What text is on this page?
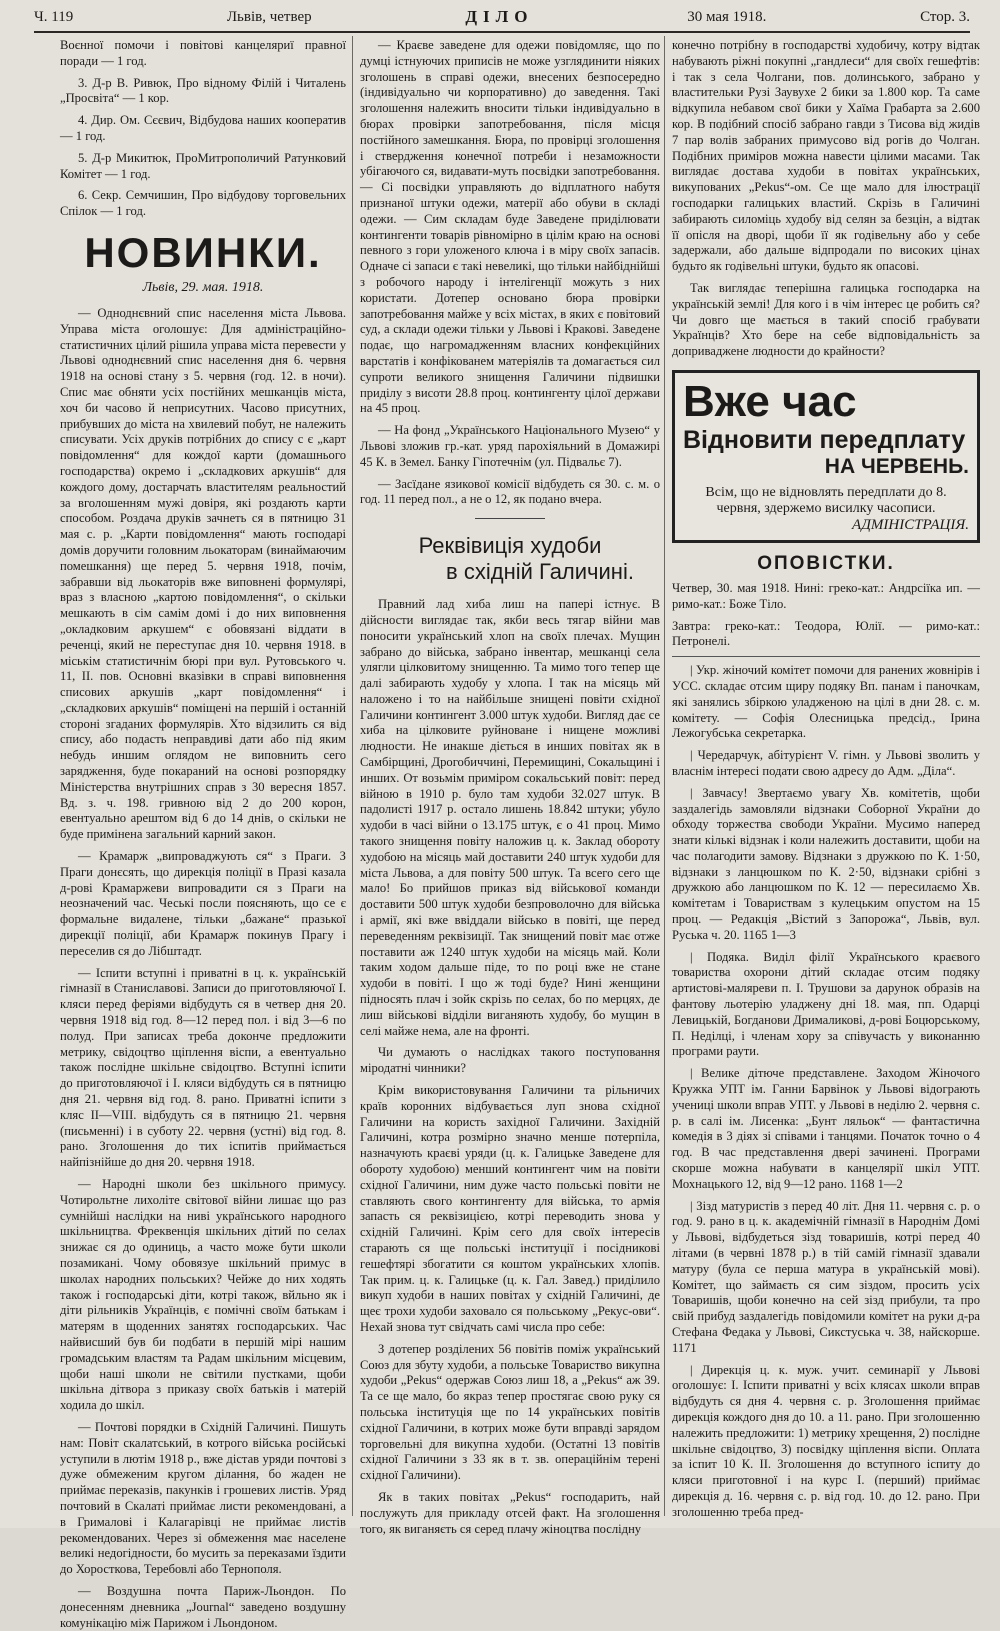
Ч. 119	Львів, четвер	ДІЛО	30 мая 1918.	Стор. 3.

Воєнної помочи і повітові канцеляриї правної поради — 1 год.

3. Д-р В. Ривюк, Про відному Філій і Читалень „Просвіта“ — 1 кор.

4. Дир. Ом. Сєєвич, Відбудова наших кооператив — 1 год.

5. Д-р Микитюк, ПроМитрополичий Ратунковий Комітет — 1 год.

6. Секр. Семчишин, Про відбудову торговельних Спілок — 1 год.

НОВИНКИ.
Львів, 29. мая. 1918.

— Одноднєвний спис населення міста Львова. Управа міста оголошує: Для адміністраційно-статистичних цілий рішила управа міста перевести у Львові одноднєвний спис населення дня 6. червня 1918 на основі стану з 5. червня (год. 12. в ночи). Спис має обняти усіх постійних мешканців міста, хоч би часово й неприсутних. Часово присутних, прибувших до міста на хвилевий побут, не належить списувати. Усіх друків потрібних до спису с є „карт повідомлення“ для кождої карти (домашнього господарства) окремо і „складкових аркушів“ для кождого дому, достарчать властителям реальностий за вголошенням мужі довіря, які роздають карти способом. Роздача друків зачнеть ся в пятницю 31 мая с. р. „Карти повідомлення“ мають господарі домів доручити головним льокаторам (винаймаючим помешкання) ще перед 5. червня 1918, почім, забравши від льокаторів вже виповнені формулярі, враз з власною „картою повідомлення“, о скільки мешкають в сім самім домі і до них виповнення „окладковим аркушем“ є обовязані віддати в реченці, який не переступає дня 10. червня 1918. в міськім статистичнім бюрі при вул. Рутовського ч. 11, II. пов. Основні вказівки в справі виповнення списових аркушів „карт повідомлення“ і „складкових аркушів“ поміщені на першій і останній стороні згаданих формулярів. Хто відзилить ся від спису, або подасть неправдиві дати або під яким небудь иншим оглядом не виповнить сего зарядження, буде покараний на основі розпорядку Міністерства внутрішних справ з 30 вересня 1857. Вд. з. ч. 198. гривною від 2 до 200 корон, евентуально арештом від 6 до 14 днів, о скільки не буде примінена загальний карний закон.

— Крамарж „випроваджують ся“ з Праги. З Праги донєсять, що дирекція поліції в Празі казала д-рові Крамаржеви випровадити ся з Праги на неозначений час. Чеські посли поясняють, що се є формальне видалене, тільки „бажане“ празької дирекції поліції, аби Крамарж покинув Прагу і переселив ся до Лібштадт.

— Іспити вступні і приватні в ц. к. українській гімназії в Станиславові. Записи до приготовляючої І. кляси перед феріями відбудуть ся в четвер дня 20. червня 1918 від год. 8—12 перед пол. і від 3—6 по полуд. При записах треба доконче предложити метрику, свідоцтво щіплення віспи, а евентуально також послідне шкільне свідоцтво. Вступні іспити до приготовляючої і І. кляси відбудуть ся в пятницю дня 21. червня від год. 8. рано. Приватні іспити з кляс II—VIII. відбудуть ся в пятницю 21. червня (письменні) і в суботу 22. червня (устні) від год. 8. рано. Зголошення до тих іспитів приймається найпізнійше до дня 20. червня 1918.

— Народні школи без шкільного примусу. Чотирольтне лихоліте світової війни лишає що раз сумнійші наслідки на ниві українського народного шкільництва. Фреквенція шкільних дітий по селах знижає ся до одиниць, а часто може бути школи позамикані. Чому обовязуе шкільний примус в школах народних польських? Чейже до них ходять також і господарські діти, котрі також, вйльно як і діти рільників Українців, є помічні своїм батькам і матерям в щоденних занятях господарських. Час найвисший був би подбати в першій мірі нашим громадським властям та Радам шкільним місцевим, щоби наші школи не світили пустками, щоби шкільна дітвора з приказу своїх батьків і матерій ходила до шкіл.

— Почтові порядки в Східній Галичині. Пишуть нам: Повіт скалатський, в котрого війська російські уступили в лютім 1918 р., вже дістав уряди почтові з дуже обмеженим кругом ділання, бо жаден не приймає переказів, пакунків і грошевих листів. Уряд почтовий в Скалаті приймає листи рекомендовані, а в Грималові і Калагарівці не приймає листів рекомендованих. Через зі обмеження має населене великі недогідности, бо мусить за переказами їздити до Хоросткова, Теребовлі або Тернополя.

— Воздушна почта Париж-Льондон. По донесенням дневника „Journal“ заведено воздушну комунікацію між Парижом і Льондоном.

— Краєве заведене для одежи повідомляє, що по думці істнуючих приписів не може узглядинити ніяких зголошень в справі одежи, внесених безпосередно (індивідуально чи корпоративно) до заведення. Такі зголошення належить вносити тільки індивідуально в бюрах провірки запотребовання, після місця постійного замешкання. Бюра, по провірці зголошення і ствердження конечної потреби і незаможности убігаючого ся, видавати-муть посвідки запотребовання. — Сі посвідки управляють до відплатного набутя признаної штуки одежи, матерії або обуви в складі одежи. — Сим складам буде Заведене приділювати контингенти товарів рівномірно в цілім краю на основі певного з гори уложеного ключа і в міру своїх запасів. Одначе сі запаси є такі невеликі, що тільки найбіднійші з робочого народу і інтелігенції можуть з них користати. Дотепер основано бюра провірки запотребовання майже у всіх містах, в яких є повітовий суд, а склади одежи тільки у Львові і Кракові. Заведене подає, що нагромадженням власних конфекційних варстатів і конфікованем матеріялів та домагається сил супроти великого знищення Галичини підвишки приділу з висоти 28.8 проц. контингенту цілої держави на 45 проц.

— На фонд „Українського Національного Музею“ у Львові зложив гр.-кат. уряд парохіяльний в Домажирі 45 К. в Земел. Банку Гіпотечнім (ул. Підвальє 7).

— Засїдане язикової комісії відбудеть ся 30. с. м. о год. 11 перед пол., а не о 12, як подано вчера.

Реквівиція худоби
в східній Галичині.

Правний лад хиба лиш на папері істнує. В дійсности виглядає так, якби весь тягар війни мав поносити український хлоп на своїх плечах. Мущин забрано до війська, забрано інвентар, мешканці села улягли цілковитому знищенню. Та мимо того тепер ще далі забирають худобу у хлопа. І так на місяць мй наложено і то на найбільше знищені повіти східної Галичини контингент 3.000 штук худоби. Вигляд дає се хиба на цілковите руйноване і нищене можливі людности. Не инакше діється в инших повітах як в Самбірщині, Дрогобиччині, Перемищині, Сокальщині і инших. От возьмім приміром сокальський повіт: перед війною в 1910 р. було там худоби 32.027 штук. В падолисті 1917 р. остало лишень 18.842 штуки; убуло худоби в часі війни о 13.175 штук, є о 41 проц. Мимо такого знищення повіту наложив ц. к. Заклад обороту худобою на місяць май доставити 240 штук худоби для міста Львова, а для повіту 500 штук. Та всего сего ще мало! Бо прийшов приказ від військової команди доставити 500 штук худоби безпроволочно для війська і армії, які вже ввіддали військо в повіті, ще перед переведенням реквізиції. Так знищений повіт має отже поставити аж 1240 штук худоби на місяць май. Коли таким ходом дальше піде, то по році вже не стане худоби в повіті. І що ж тоді буде? Нині женщини підносять плач і зойк скрізь по селах, бо по мерцях, де лиш військові відділи виганяють худобу, бо мущин в селі майже нема, але на фронті.

Чи думають о наслідках такого поступовання міродатні чинники?

Крім використовування Галичини та рільничих країв коронних відбувається луп знова східної Галичини на користь західної Галичини. Західній Галичині, котра розмірно значно менше потерпіла, назначують краєві уряди (ц. к. Галицьке Заведене для обороту худобою) менший контингент чим на повіти східної Галичини, ним дуже часто польські повіти не ставляють свого контингенту для війська, то армія запасть ся реквізицією, котрі переводить знова у східній Галичині. Крім сего для своїх інтересів старають ся ще польські інституції і посідникові гешефтярі збогатити ся коштом українських хлопів. Так прим. ц. к. Галицьке (ц. к. Гал. Завед.) приділило викуп худоби в наших повітах у східній Галичині, де щеє трохи худоби заховало ся польському „Рекус-ови“. Нехай знова тут свідчать самі числа про себе:

З дотепер розділених 56 повітів поміж український Союз для збуту худоби, а польське Товариство викупна худоби „Pekus“ одержав Союз лиш 18, а „Pekus“ аж 39. Та се ще мало, бо якраз тепер простягає свою руку ся польська інституція ще по 14 українських повітів східної Галичини, в котрих може бути вправді зарядом торговельні для викупна худоби. (Остатні 13 повітів східної Галичини з 33 як в т. зв. операційнім терені східної Галичини).

Як в таких повітах „Pekus“ господарить, най послужуть для прикладу отсей факт. На зголошення того, як виганяєть ся серед плачу жіноцтва послідну

конечно потрібну в господарстві худобичу, котру відтак набувають ріжні покупні „гандлеси“ для своїх гешефтів: і так з села Чолгани, пов. долинського, забрано у властительки Рузі Заувухе 2 бики за 1.800 кор. Та саме відкупила небавом свої бики у Хаїма Грабарта за 2.600 кор. В подібний спосіб забрано гавди з Тисова від жидів 7 пар волів забраних примусово від рогів до Чолган. Подібних приміров можна навести цілими масами. Так виглядає достава худоби в повітах українських, викупованих „Pekus“-ом. Се ще мало для ілюстрації господарки галицьких властий. Скрізь в Галичині забирають силоміць худобу від селян за безцін, а відтак її опісля на дворі, щоби її як годівельну або у себе задержали, або дальше відпродали по високих цінах будьто як годівельні штуки, будьто як опасові.

Так виглядає теперішна галицька господарка на українській землі! Для кого і в чім інтерес це робить ся? Чи довго ще мається в такий спосіб грабувати Українців? Хто бере на себе відповідальність за доприваджене людности до крайности?

Вже час
Відновити передплату
НА ЧЕРВЕНЬ.
Всім, що не відновлять передплати до 8. червня, здержемо висилку часописи.
АДМІНІСТРАЦІЯ.
ОПОВІСТКИ.

Четвер, 30. мая 1918. Нині: греко-кат.: Андрсіїка ип. — римо-кат.: Боже Тіло.

Завтра: греко-кат.: Теодора, Юлії. — римо-кат.: Петронелі.

| Укр. жіночий комітет помочи для ранених жовнірів і УСС. складає отсим щиру подяку Вп. панам і паночкам, які занялись збіркою уладженою на цілі в дни 28. с. м. комітету. — Софія Олесницька предсід., Ірина Лежогубська секретарка.

| Чередарчук, абітурієнт V. гімн. у Львові зволить у власнім інтересі подати свою адресу до Адм. „Діла“.

| Завчасу! Звертаємо увагу Хв. комітетів, щоби заздалегідь замовляли відзнаки Соборної України до обходу торжества свободи України. Мусимо наперед знати кількі відзнак і коли належить доставити, щоби на час полагодити замову. Відзнаки з дружкою по К. 1·50, відзнаки з ланцюшком по К. 2·50, відзнаки срібні з дружкою або ланцюшком по К. 12 — пересилаємо Хв. комітетам і Товариствам з кулецьким опустом на 15 проц. — Редакція „Вістий з Запорожа“, Львів, вул. Руська ч. 20. 1165 1—3

| Подяка. Виділ філії Українського краєвого товариства охорони дітий складає отсим подяку артистові-малярeви п. І. Трушови за дарунок образів на фантову льотерію уладжену дні 18. мая, пп. Одарці Левицькій, Богданови Дрималикові, д-рові Боцюрському, П. Неділці, і членам хору за співучасть у виконанню програми раути.

| Велике дітюче представлене. Заходом Жіночого Кружка УПТ ім. Ганни Барвінок у Львові відограють учениці школи вправ УПТ. у Львові в неділю 2. червня с. р. в салі ім. Лисенка: „Бунт ляльок“ — фантастична комедія в 3 діях зі співами і танцями. Початок точно о 4 год. В час представлення двері зачинені. Програми скорше можна набувати в канцелярії шкіл УПТ. Мохнацького 12, від 9—12 рано. 1168 1—2

| Зізд матуристів з перед 40 літ. Дня 11. червня с. р. о год. 9. рано в ц. к. академічній гімназії в Народнім Домі у Львові, відбудеться зізд товаришів, котрі перед 40 літами (в червні 1878 р.) в тій самій гімназії здавали матуру (була се перша матура в українській мові). Комітет, що займаєть ся сим зіздом, просить усіх Товаришів, щоби конечно на сей зізд прибули, та про свій прибуд заздалегідь повідомили комітет на руки д-ра Стефана Федака у Львові, Сикстуська ч. 38, найскорше. 1171

| Дирекція ц. к. муж. учит. семинарії у Львові оголошує: І. Іспити приватні у всіх клясах школи вправ відбудуть ся дня 4. червня с. р. Зголошення приймає дирекція кождого дня до 10. а 11. рано. При зголошенню належить предложити: 1) метрику хрещення, 2) послідне шкільне свідоцтво, 3) посвідку щіплення віспи. Оплата за іспит 10 К. II. Зголошення до вступного іспиту до кляси приготовної і на курс І. (перший) приймає дирекція д. 16. червня с. р. від год. 10. до 12. рано. При зголошенню треба пред-
